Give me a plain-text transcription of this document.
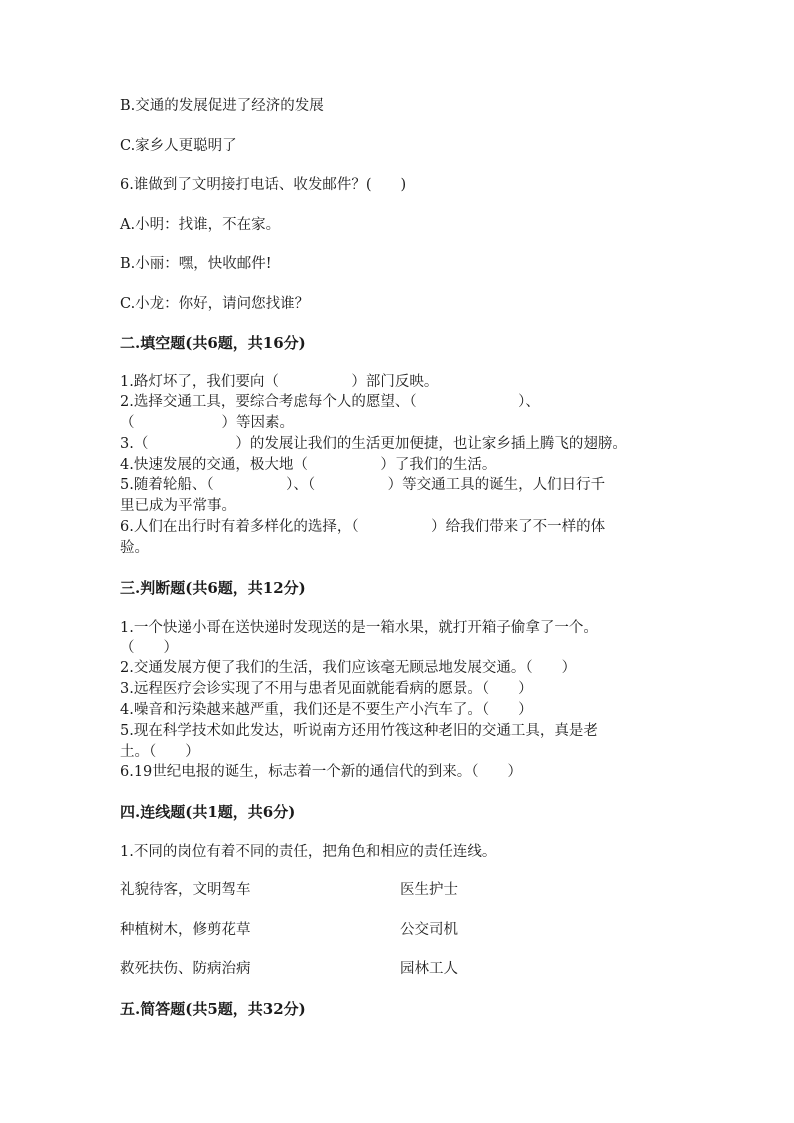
B.交通的发展促进了经济的发展
C.家乡人更聪明了
6.谁做到了文明接打电话、收发邮件？(　　)
A.小明：找谁，不在家。
B.小丽：嘿，快收邮件!
C.小龙：你好，请问您找谁？
二.填空题(共6题，共16分)
1.路灯坏了，我们要向（　　　　　）部门反映。
2.选择交通工具，要综合考虑每个人的愿望、（　　　　　　　）、
（　　　　　　）等因素。
3.（　　　　　　）的发展让我们的生活更加便捷，也让家乡插上腾飞的翅膀。
4.快速发展的交通，极大地（　　　　　）了我们的生活。
5.随着轮船、（　　　　　）、（　　　　　）等交通工具的诞生，人们日行千
里已成为平常事。
6.人们在出行时有着多样化的选择，（　　　　　）给我们带来了不一样的体
验。
三.判断题(共6题，共12分)
1.一个快递小哥在送快递时发现送的是一箱水果，就打开箱子偷拿了一个。
（　　）
2.交通发展方便了我们的生活，我们应该毫无顾忌地发展交通。（　　）
3.远程医疗会诊实现了不用与患者见面就能看病的愿景。（　　）
4.噪音和污染越来越严重，我们还是不要生产小汽车了。（　　）
5.现在科学技术如此发达，听说南方还用竹筏这种老旧的交通工具，真是老
土。（　　）
6.19世纪电报的诞生，标志着一个新的通信代的到来。（　　）
四.连线题(共1题，共6分)
1.不同的岗位有着不同的责任，把角色和相应的责任连线。
礼貌待客，文明驾车	医生护士
种植树木，修剪花草	公交司机
救死扶伤、防病治病	园林工人
五.简答题(共5题，共32分)
